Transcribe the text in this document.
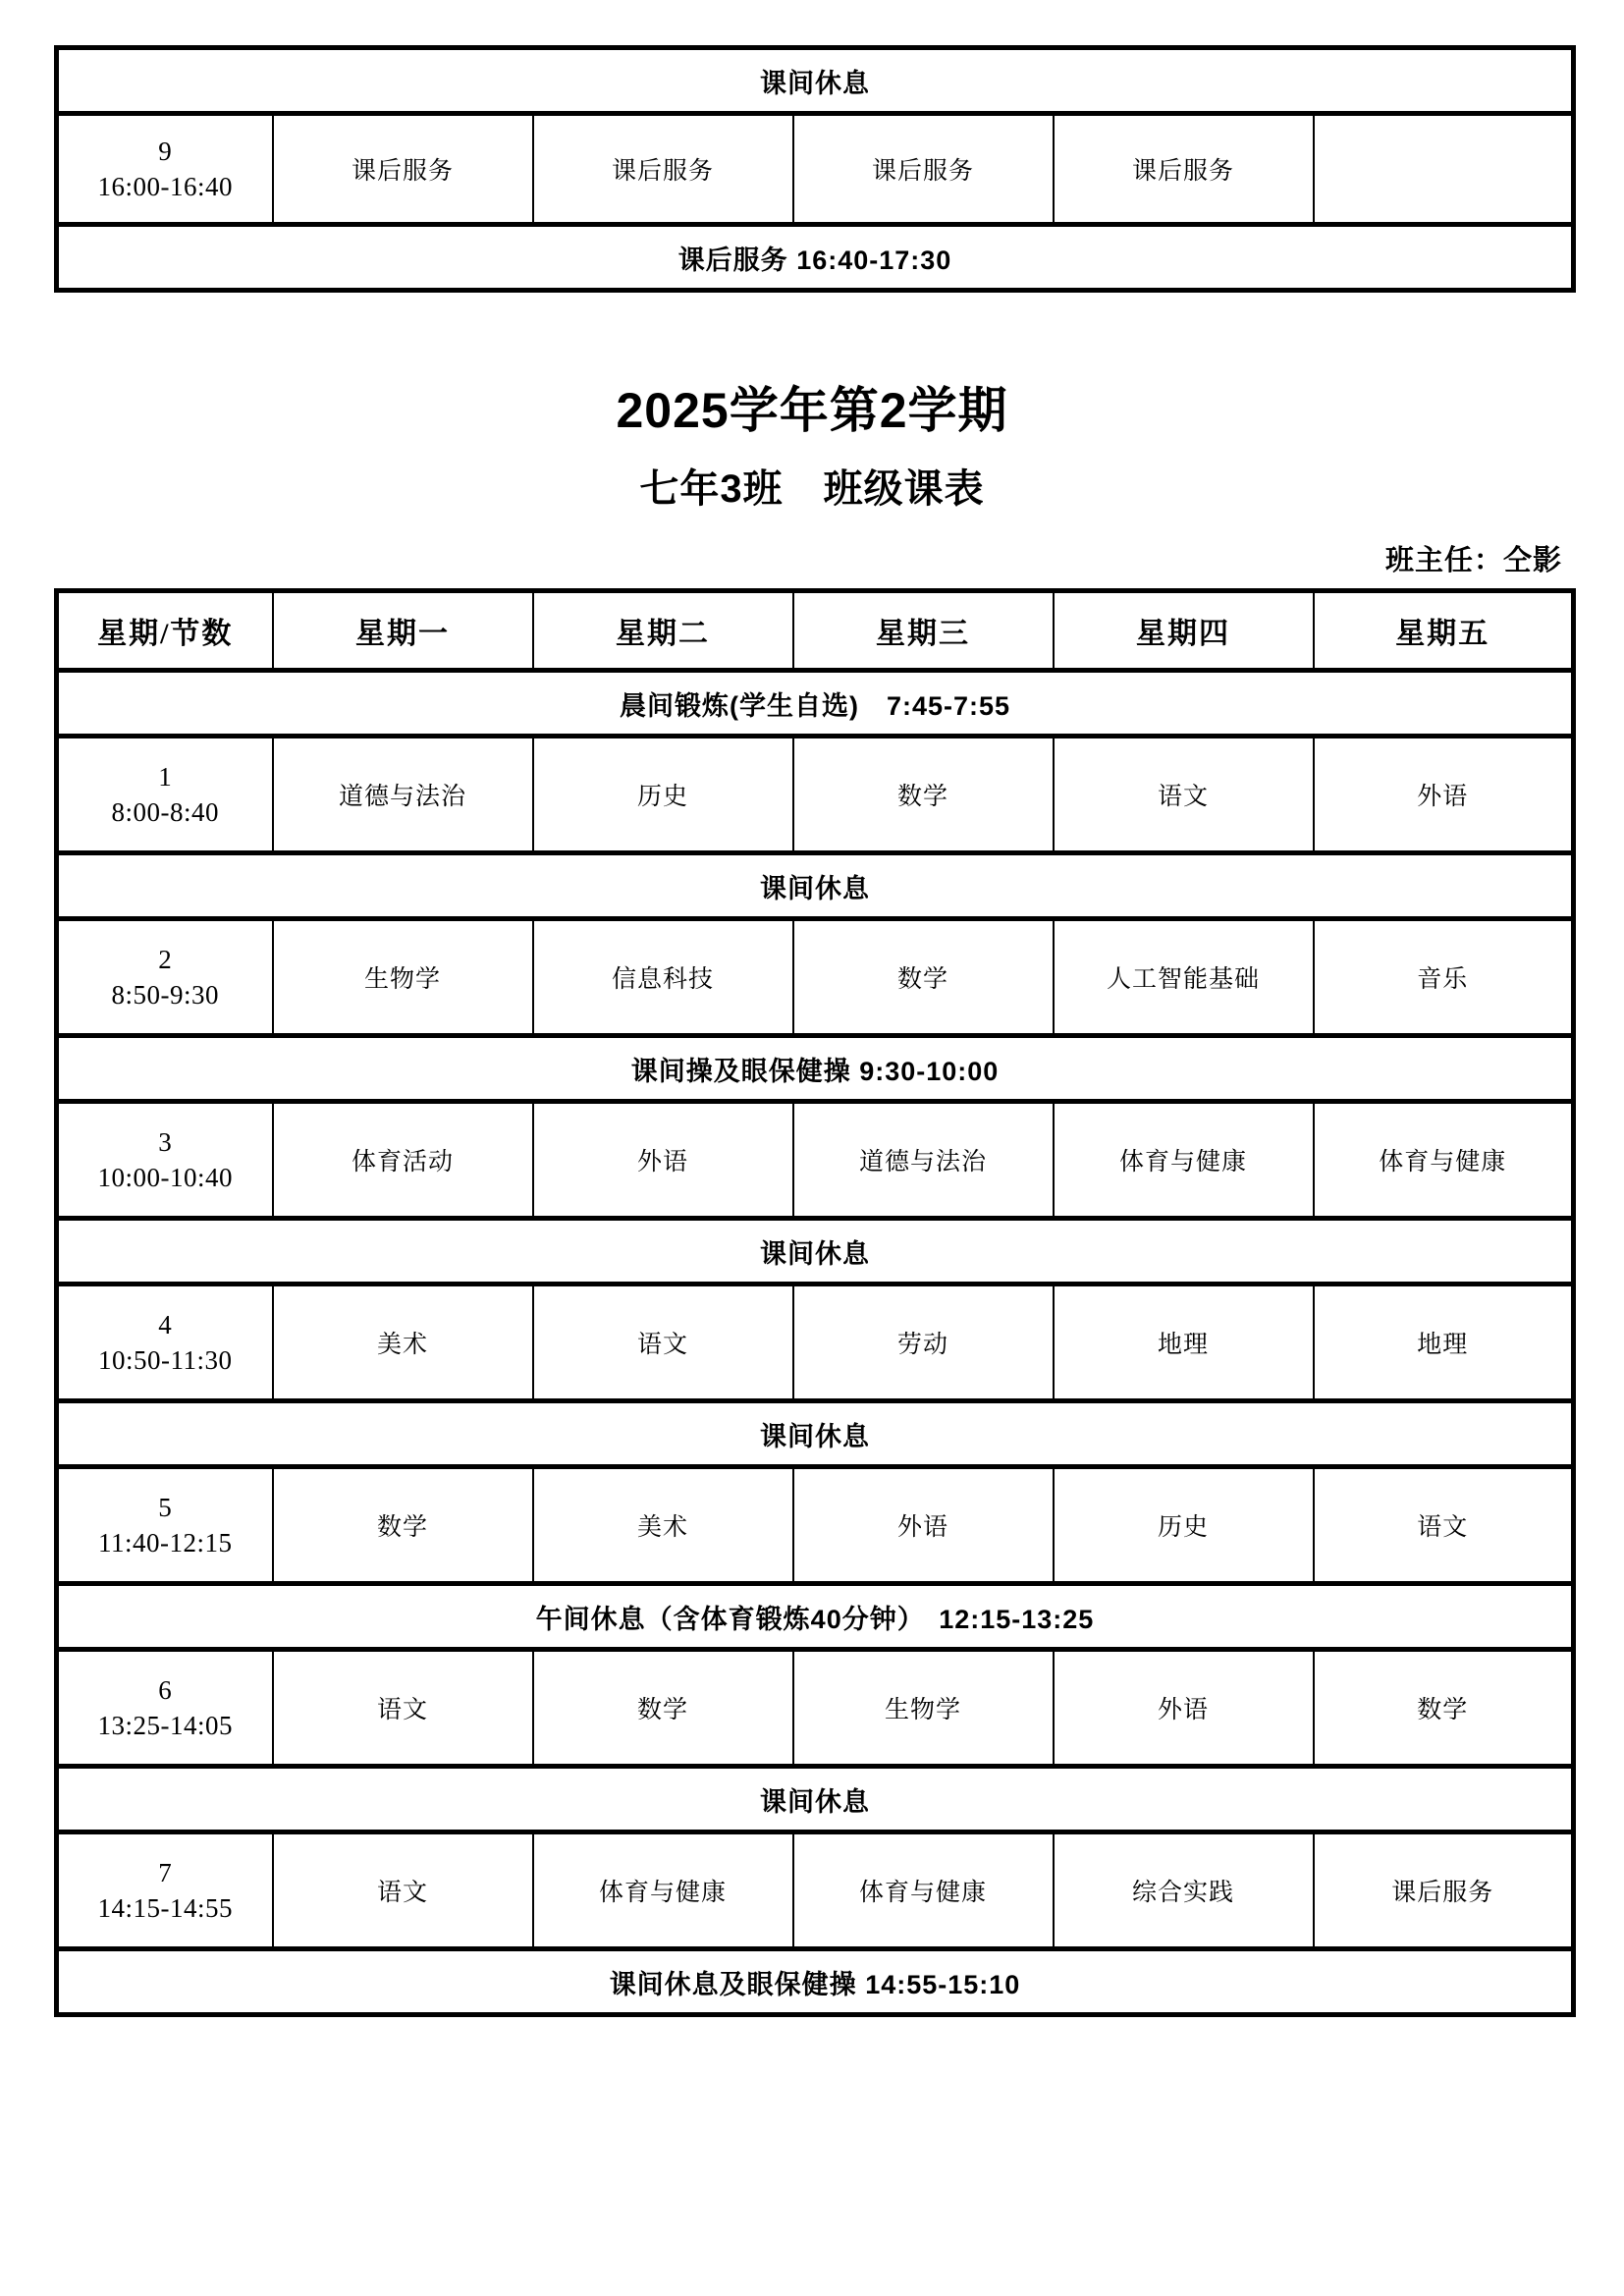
课间休息

9
16:00-16:40
	课后服务	课后服务	课后服务	课后服务	
课后服务 16:40-17:30
2025学年第2学期
七年3班　班级课表
班主任：仝影
星期/节数	星期一	星期二	星期三	星期四	星期五
晨间锻炼(学生自选)　7:45-7:55					

1
8:00-8:40	道德与法治	历史	数学	语文	外语
课间休息					

2
8:50-9:30	生物学	信息科技	数学	人工智能基础	音乐
课间操及眼保健操 9:30-10:00					

3
10:00-10:40	体育活动	外语	道德与法治	体育与健康	体育与健康
课间休息					

4
10:50-11:30	美术	语文	劳动	地理	地理
课间休息					

5
11:40-12:15	数学	美术	外语	历史	语文
午间休息（含体育锻炼40分钟）　12:15-13:25					

6
13:25-14:05	语文	数学	生物学	外语	数学
课间休息					

7
14:15-14:55	语文	体育与健康	体育与健康	综合实践	课后服务
课间休息及眼保健操 14:55-15:10					
